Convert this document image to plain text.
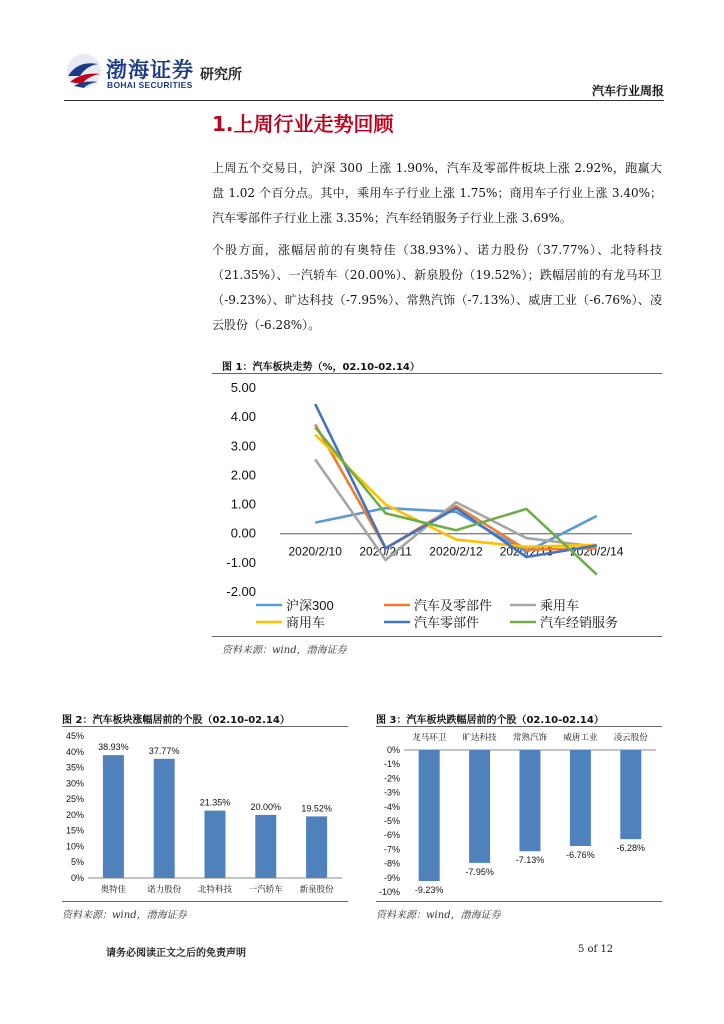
渤海证券
BOHAI SECURITIES
研究所
汽车行业周报
1.上周行业走势回顾

上周五个交易日，沪深 300 上涨 1.90%，汽车及零部件板块上涨 2.92%，跑赢大盘 1.02 个百分点。其中，乘用车子行业上涨 1.75%；商用车子行业上涨 3.40%；汽车零部件子行业上涨 3.35%；汽车经销服务子行业上涨 3.69%。

个股方面，涨幅居前的有奥特佳（38.93%）、诺力股份（37.77%）、北特科技（21.35%）、一汽轿车（20.00%）、新泉股份（19.52%）；跌幅居前的有龙马环卫（-9.23%）、旷达科技（-7.95%）、常熟汽饰（-7.13%）、威唐工业（-6.76%）、凌云股份（-6.28%）。

图 1：汽车板块走势（%，02.10-02.14）
5.00
4.00
3.00
2.00
1.00
0.00
-1.00
-2.00
2020/2/10 2020/2/11 2020/2/12 2020/2/13 2020/2/14
沪深300	汽车及零部件	乘用车
商用车	汽车零部件	汽车经销服务
资料来源：wind，渤海证券
图 2：汽车板块涨幅居前的个股（02.10-02.14）
45%
40%
35%
30%
25%
20%
15%
10%
5%
0%
38.93%
奥特佳
37.77%
诺力股份
21.35%
北特科技
20.00%
一汽轿车
19.52%
新泉股份
资料来源：wind，渤海证券
图 3：汽车板块跌幅居前的个股（02.10-02.14）
0%
-1%
-2%
-3%
-4%
-5%
-6%
-7%
-8%
-9%
-10%
龙马环卫
-9.23%
旷达科技
-7.95%
常熟汽饰
-7.13%
威唐工业
-6.76%
凌云股份
-6.28%
资料来源：wind，渤海证券
请务必阅读正文之后的免责声明	5 of 12
